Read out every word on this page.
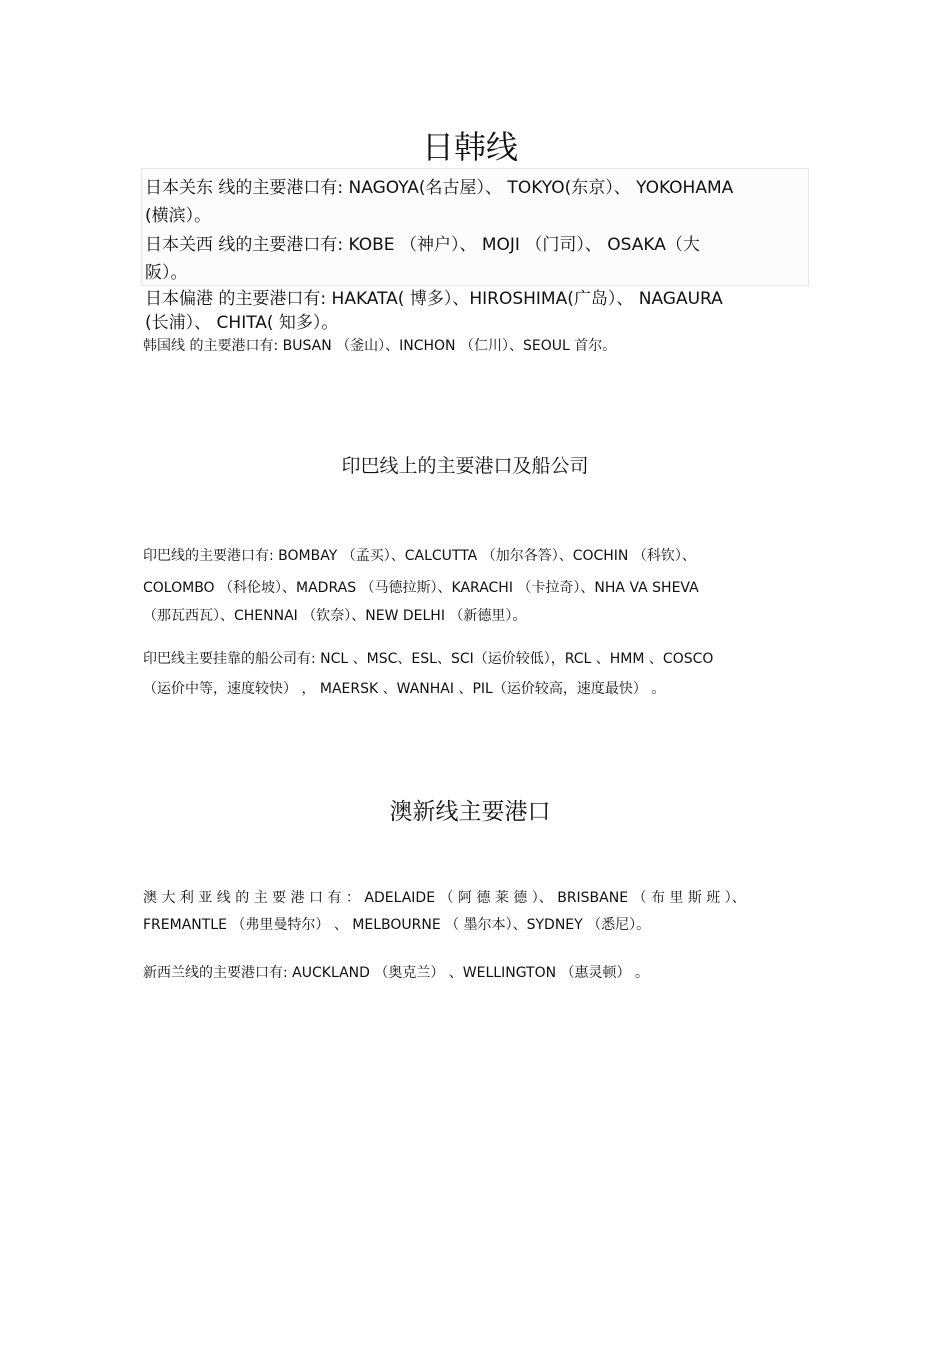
日韩线
日本关东 线的主要港口有: NAGOYA(名古屋）、 TOKYO(东京）、 YOKOHAMA
(横滨）。
日本关西 线的主要港口有: KOBE （神户）、 MOJI （门司）、 OSAKA（大
阪）。
日本偏港 的主要港口有: HAKATA( 博多）、HIROSHIMA(广岛）、 NAGAURA
(长浦）、 CHITA( 知多）。
韩国线 的主要港口有: BUSAN （釜山）、INCHON （仁川）、SEOUL 首尔。
印巴线上的主要港口及船公司
印巴线的主要港口有: BOMBAY （孟买）、CALCUTTA （加尔各答）、COCHIN （科钦）、
COLOMBO （科伦坡）、MADRAS （马德拉斯）、KARACHI （卡拉奇）、NHA VA SHEVA
（那瓦西瓦）、CHENNAI （钦奈）、NEW DELHI （新德里）。
印巴线主要挂靠的船公司有: NCL 、MSC、ESL、SCI（运价较低），RCL 、HMM 、COSCO
（运价中等，速度较快） ， MAERSK 、WANHAI 、PIL（运价较高，速度最快） 。
澳新线主要港口
澳 大 利 亚 线 的 主 要 港 口 有 ： ADELAIDE （ 阿 德 莱 德 ）、 BRISBANE （ 布 里 斯 班 ）、
FREMANTLE （弗里曼特尔） 、 MELBOURNE （ 墨尔本）、SYDNEY （悉尼）。
新西兰线的主要港口有: AUCKLAND （奥克兰） 、WELLINGTON （惠灵顿） 。
